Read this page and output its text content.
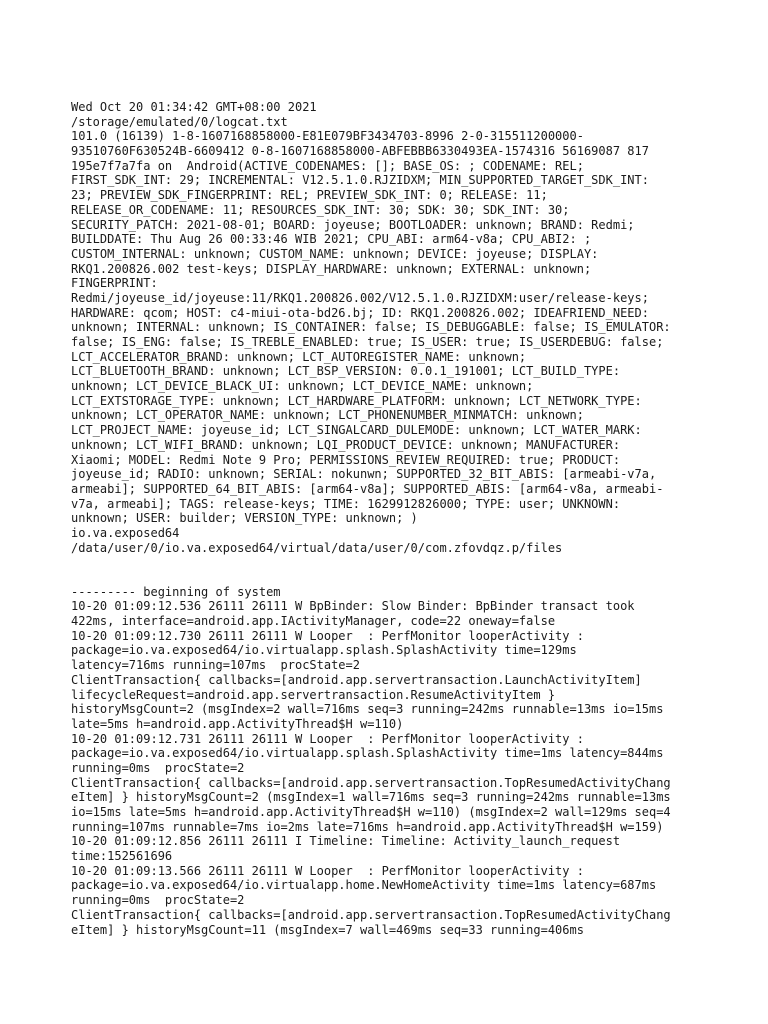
Wed Oct 20 01:34:42 GMT+08:00 2021
/storage/emulated/0/logcat.txt
101.0 (16139) 1-8-1607168858000-E81E079BF3434703-8996 2-0-315511200000-
93510760F630524B-6609412 0-8-1607168858000-ABFEBBB6330493EA-1574316 56169087 817
195e7f7a7fa on  Android(ACTIVE_CODENAMES: []; BASE_OS: ; CODENAME: REL;
FIRST_SDK_INT: 29; INCREMENTAL: V12.5.1.0.RJZIDXM; MIN_SUPPORTED_TARGET_SDK_INT:
23; PREVIEW_SDK_FINGERPRINT: REL; PREVIEW_SDK_INT: 0; RELEASE: 11;
RELEASE_OR_CODENAME: 11; RESOURCES_SDK_INT: 30; SDK: 30; SDK_INT: 30;
SECURITY_PATCH: 2021-08-01; BOARD: joyeuse; BOOTLOADER: unknown; BRAND: Redmi;
BUILDDATE: Thu Aug 26 00:33:46 WIB 2021; CPU_ABI: arm64-v8a; CPU_ABI2: ;
CUSTOM_INTERNAL: unknown; CUSTOM_NAME: unknown; DEVICE: joyeuse; DISPLAY:
RKQ1.200826.002 test-keys; DISPLAY_HARDWARE: unknown; EXTERNAL: unknown;
FINGERPRINT:
Redmi/joyeuse_id/joyeuse:11/RKQ1.200826.002/V12.5.1.0.RJZIDXM:user/release-keys;
HARDWARE: qcom; HOST: c4-miui-ota-bd26.bj; ID: RKQ1.200826.002; IDEAFRIEND_NEED:
unknown; INTERNAL: unknown; IS_CONTAINER: false; IS_DEBUGGABLE: false; IS_EMULATOR:
false; IS_ENG: false; IS_TREBLE_ENABLED: true; IS_USER: true; IS_USERDEBUG: false;
LCT_ACCELERATOR_BRAND: unknown; LCT_AUTOREGISTER_NAME: unknown;
LCT_BLUETOOTH_BRAND: unknown; LCT_BSP_VERSION: 0.0.1_191001; LCT_BUILD_TYPE:
unknown; LCT_DEVICE_BLACK_UI: unknown; LCT_DEVICE_NAME: unknown;
LCT_EXTSTORAGE_TYPE: unknown; LCT_HARDWARE_PLATFORM: unknown; LCT_NETWORK_TYPE:
unknown; LCT_OPERATOR_NAME: unknown; LCT_PHONENUMBER_MINMATCH: unknown;
LCT_PROJECT_NAME: joyeuse_id; LCT_SINGALCARD_DULEMODE: unknown; LCT_WATER_MARK:
unknown; LCT_WIFI_BRAND: unknown; LQI_PRODUCT_DEVICE: unknown; MANUFACTURER:
Xiaomi; MODEL: Redmi Note 9 Pro; PERMISSIONS_REVIEW_REQUIRED: true; PRODUCT:
joyeuse_id; RADIO: unknown; SERIAL: nokunwn; SUPPORTED_32_BIT_ABIS: [armeabi-v7a,
armeabi]; SUPPORTED_64_BIT_ABIS: [arm64-v8a]; SUPPORTED_ABIS: [arm64-v8a, armeabi-
v7a, armeabi]; TAGS: release-keys; TIME: 1629912826000; TYPE: user; UNKNOWN:
unknown; USER: builder; VERSION_TYPE: unknown; )
io.va.exposed64
/data/user/0/io.va.exposed64/virtual/data/user/0/com.zfovdqz.p/files
--------- beginning of system
10-20 01:09:12.536 26111 26111 W BpBinder: Slow Binder: BpBinder transact took
422ms, interface=android.app.IActivityManager, code=22 oneway=false
10-20 01:09:12.730 26111 26111 W Looper  : PerfMonitor looperActivity :
package=io.va.exposed64/io.virtualapp.splash.SplashActivity time=129ms
latency=716ms running=107ms  procState=2
ClientTransaction{ callbacks=[android.app.servertransaction.LaunchActivityItem]
lifecycleRequest=android.app.servertransaction.ResumeActivityItem }
historyMsgCount=2 (msgIndex=2 wall=716ms seq=3 running=242ms runnable=13ms io=15ms
late=5ms h=android.app.ActivityThread$H w=110)
10-20 01:09:12.731 26111 26111 W Looper  : PerfMonitor looperActivity :
package=io.va.exposed64/io.virtualapp.splash.SplashActivity time=1ms latency=844ms
running=0ms  procState=2
ClientTransaction{ callbacks=[android.app.servertransaction.TopResumedActivityChang
eItem] } historyMsgCount=2 (msgIndex=1 wall=716ms seq=3 running=242ms runnable=13ms
io=15ms late=5ms h=android.app.ActivityThread$H w=110) (msgIndex=2 wall=129ms seq=4
running=107ms runnable=7ms io=2ms late=716ms h=android.app.ActivityThread$H w=159)
10-20 01:09:12.856 26111 26111 I Timeline: Timeline: Activity_launch_request
time:152561696
10-20 01:09:13.566 26111 26111 W Looper  : PerfMonitor looperActivity :
package=io.va.exposed64/io.virtualapp.home.NewHomeActivity time=1ms latency=687ms
running=0ms  procState=2
ClientTransaction{ callbacks=[android.app.servertransaction.TopResumedActivityChang
eItem] } historyMsgCount=11 (msgIndex=7 wall=469ms seq=33 running=406ms
